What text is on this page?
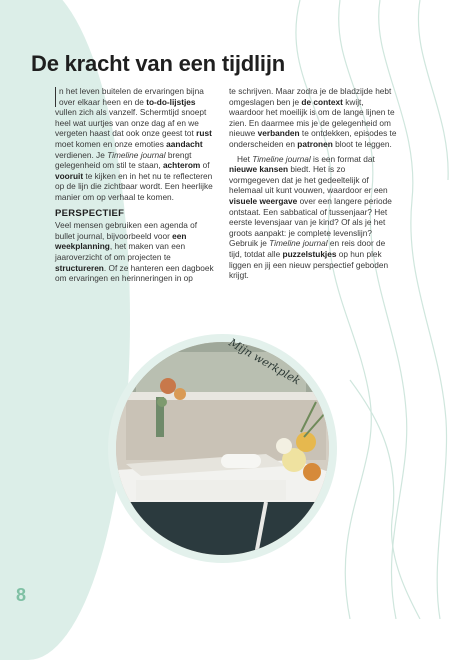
De kracht van een tijdlijn

n het leven buitelen de ervaringen bijna over elkaar heen en de to-do-lijstjes vullen zich als vanzelf. Schermtijd snoept heel wat uurtjes van onze dag af en we vergeten haast dat ook onze geest tot rust moet komen en onze emoties aandacht verdienen. Je Timeline journal brengt gelegenheid om stil te staan, achterom of vooruit te kijken en in het nu te reflecteren op de lijn die zichtbaar wordt. Een heerlijke manier om op verhaal te komen.

PERSPECTIEF

Veel mensen gebruiken een agenda of bullet journal, bijvoorbeeld voor een weekplanning, het maken van een jaaroverzicht of om projecten te structureren. Of ze hanteren een dagboek om ervaringen en herinneringen in op

te schrijven. Maar zodra je de bladzijde hebt omgeslagen ben je de context kwijt, waardoor het moeilijk is om de lange lijnen te zien. En daarmee mis je de gelegenheid om nieuwe verbanden te ontdekken, episodes te onderscheiden en patronen bloot te leggen.

Het Timeline journal is een format dat nieuwe kansen biedt. Het is zo vormgegeven dat je het gedeeltelijk of helemaal uit kunt vouwen, waardoor er een visuele weergave over een langere periode ontstaat. Een sabbatical of tussenjaar? Het eerste levensjaar van je kind? Of als je het groots aanpakt: je complete levenslijn? Gebruik je Timeline journal en reis door de tijd, totdat alle puzzelstukjes op hun plek liggen en jij een nieuw perspectief geboden krijgt.

Mijn werkplek
8
